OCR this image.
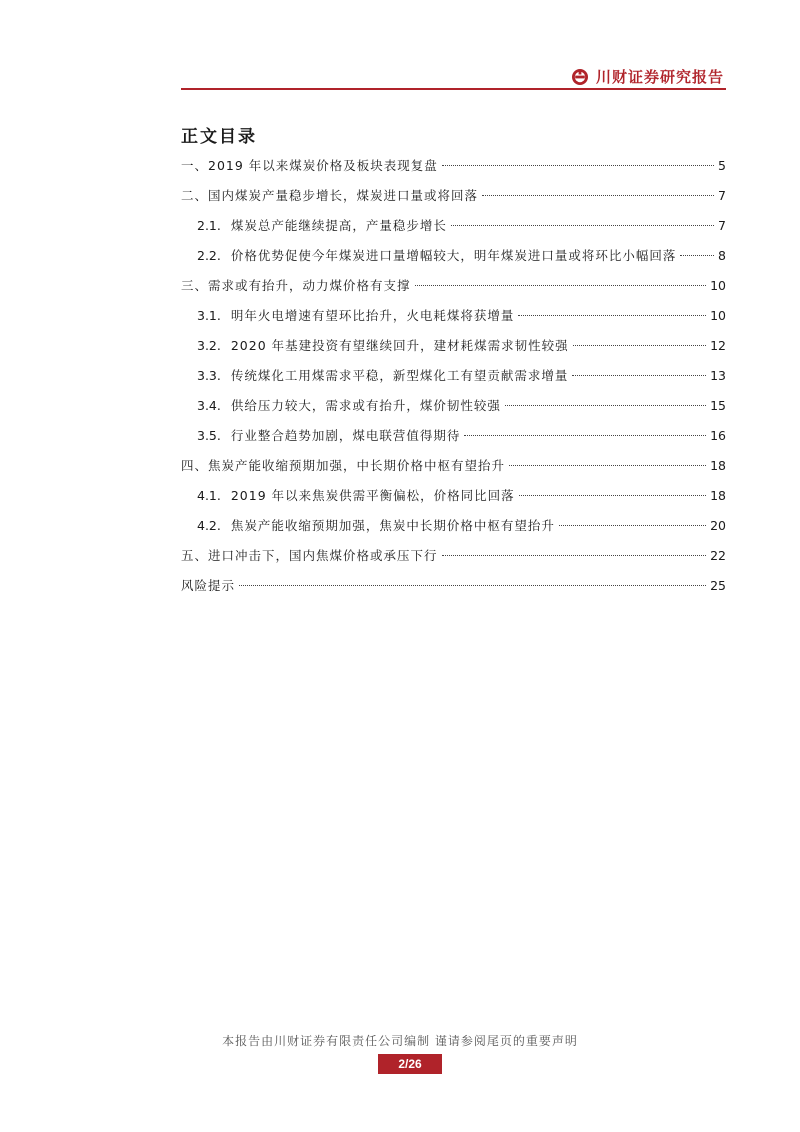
川财证券研究报告
正文目录
一、2019 年以来煤炭价格及板块表现复盘	5
二、国内煤炭产量稳步增长，煤炭进口量或将回落	7
2.1. 煤炭总产能继续提高，产量稳步增长	7
2.2. 价格优势促使今年煤炭进口量增幅较大，明年煤炭进口量或将环比小幅回落	8
三、需求或有抬升，动力煤价格有支撑	10
3.1. 明年火电增速有望环比抬升，火电耗煤将获增量	10
3.2. 2020 年基建投资有望继续回升，建材耗煤需求韧性较强	12
3.3. 传统煤化工用煤需求平稳，新型煤化工有望贡献需求增量	13
3.4. 供给压力较大，需求或有抬升，煤价韧性较强	15
3.5. 行业整合趋势加剧，煤电联营值得期待	16
四、焦炭产能收缩预期加强，中长期价格中枢有望抬升	18
4.1. 2019 年以来焦炭供需平衡偏松，价格同比回落	18
4.2. 焦炭产能收缩预期加强，焦炭中长期价格中枢有望抬升	20
五、进口冲击下，国内焦煤价格或承压下行	22
风险提示	25
本报告由川财证券有限责任公司编制 谨请参阅尾页的重要声明
2/26
